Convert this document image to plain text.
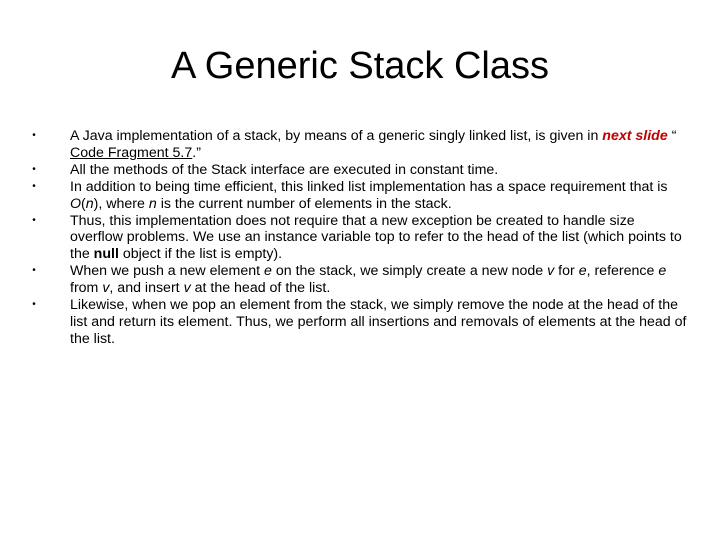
A Generic Stack Class
• A Java implementation of a stack, by means of a generic singly linked list, is given in next slide “ Code Fragment 5.7.”
• All the methods of the Stack interface are executed in constant time.
• In addition to being time efficient, this linked list implementation has a space requirement that is O(n), where n is the current number of elements in the stack.
• Thus, this implementation does not require that a new exception be created to handle size overflow problems. We use an instance variable top to refer to the head of the list (which points to the null object if the list is empty).
• When we push a new element e on the stack, we simply create a new node v for e, reference e from v, and insert v at the head of the list.
• Likewise, when we pop an element from the stack, we simply remove the node at the head of the list and return its element. Thus, we perform all insertions and removals of elements at the head of the list.
